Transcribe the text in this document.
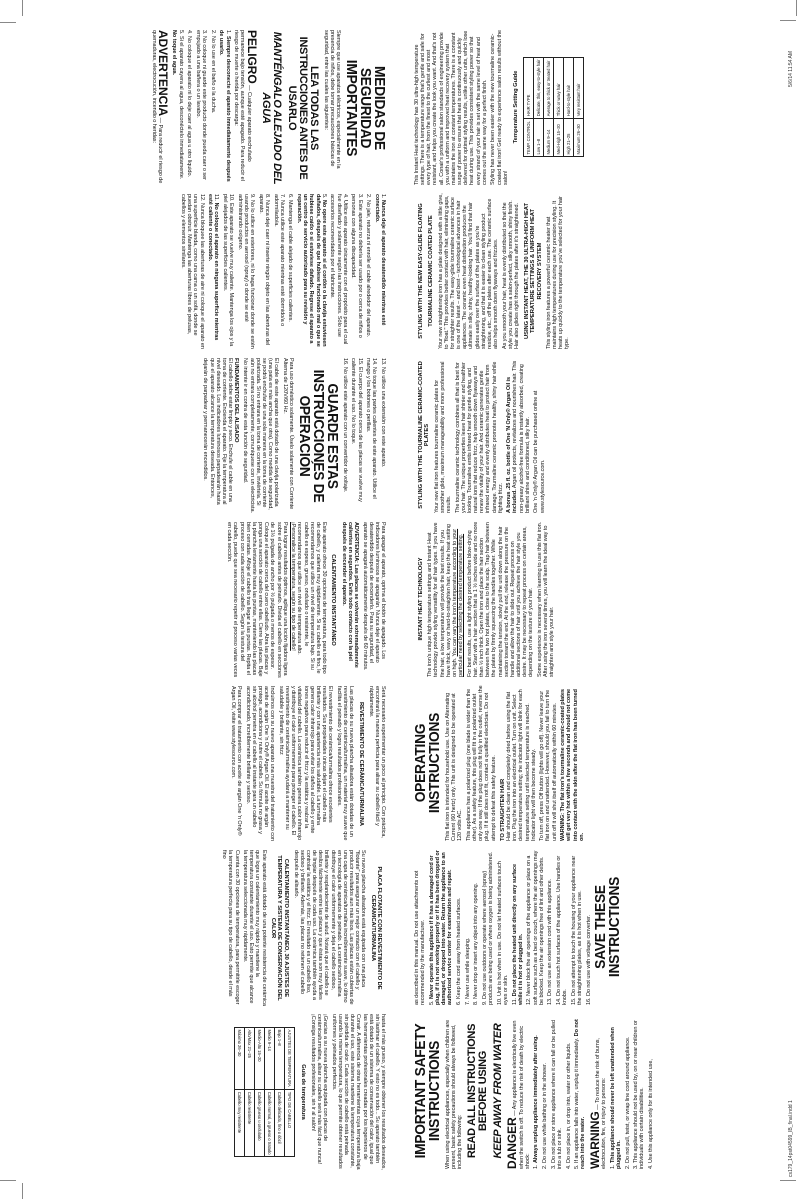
IMPORTANT SAFETY INSTRUCTIONS When using electrical appliances, especially when children are present, basic safety precautions should always be followed, including the following: READ ALL INSTRUCTIONS BEFORE USING KEEP AWAY FROM WATER DANGER — Any appliance is electrically live even when the switch is off. To reduce the risk of death by electric shock: 1. Always unplug appliance immediately after using. 2. Do not use while bathing or in the shower. 3. Do not place or store appliance where it can fall or be pulled into a tub or sink. 4. Do not place in, or drop into, water or other liquids. 5. If an appliance falls into water, unplug it immediately. Do not reach into the water. WARNING — To reduce the risk of burns, electrocution, fire, or injury to persons: 1. This appliance should never be left unattended when plugged in. 2. Do not pull, twist, or wrap line cord around appliance. 3. This appliance should not be used by, on or near children or individuals with certain disabilities. 4. Use this appliance only for its intended use,

as described in this manual. Do not use attachments not recommended by the manufacturer. 5. Never operate this appliance if it has a damaged cord or plug, if it is not working properly or if it has been dropped or damaged, or dropped into water. Return the appliance to an authorized service center for examination and repair. 6. Keep the cord away from heated surfaces. 7. Never use while sleeping. 8. Never drop or insert any object into any opening. 9. Do not use outdoors or operate where aerosol (spray) products are being used or where oxygen is being administered. 10. Unit is hot when in use. Do not let heated surfaces touch eyes or skin. 11. Do not place the heated unit directly on any surface while it is hot or plugged in. 12. Never block the air openings of the appliance or place on a soft surface such as a bed or couch, where the air openings may be blocked. Keep the air openings free of lint and other debris. 13. Do not use an extension cord with this appliance. 14. Do not touch hot surfaces of the appliance. Use handles or knobs. 15. Do not attempt to touch the housing of your appliance near the straightening plates, as it is hot when in use. 16. Do not use with voltage converter. SAVE THESE INSTRUCTIONS
OPERATING INSTRUCTIONS This flat iron is intended for household use. Use on Alternating Current (60 hertz) only. This unit is designed to be operated at 120 volts AC. This appliance has a polarized plug (one blade is wider than the other). As a safety feature, this plug will fit in a polarized outlet only one way. If the plug does not fit fully in the outlet, reverse the plug. If it still does not fit, contact a qualified electrician. Do not attempt to defeat this safety feature. TO STRAIGHTEN HAIR Hair should be clean and completely dried before using the flat iron. Plug the iron into an electrical outlet. Turn on unit. Select desired temperature setting; the indicator light will blink for each temperature setting until selected temperature is reached. Indicator light will then become steady. To turn off, press Off button (lights will go off). Never leave your flat iron on and unattended. However, should you fail to turn the unit off it will shut itself off automatically within 60 minutes. WARNING: The flat iron's tourmaline ceramic-coated plates will get very hot within a few seconds and should not come into contact with the skin after the flat iron has been turned on.

INSTANT HEAT TECHNOLOGY The iron's unique high temperature settings and Instant Heat technology provide styling versatility for all hair types. If you have fine hair, a low temperature will provide the best results. If you have thick, wavy or hard-to-straighten hair, keep the heat setting on high. You can vary the iron's temperature according to your particular need by selecting the desired temperature setting. For best results, use a light styling product before blow-drying hair. Start with a hair section that is 1 ½ inches wide and no more than ½ inch thick. Open the iron and place the hair section between the two hot plates, close to the scalp. Trap hair between the plates by firmly squeezing the handles together. While maintaining the tension, slowly pull the unit down along the hair section toward the end. At the end, release the pressure on the handle and allow the hair to slide out. Repeat process on additional sections of hair until you achieve the hair style you desire. It may be necessary to repeat process on certain areas, depending on the texture of your hair. Some experience is necessary when learning to use this flat iron. After using the iron several times, you will learn the ideal way to straighten and style your hair.

STYLING WITH THE TOURMALINE CERAMIC-COATED PLATES Your new flat iron features tourmaline ceramic plates for smoother glide, maximum manageability and more professional results. The tourmaline ceramic technology combines all that is best for your hair. The unique properties leave hair shinier and healthier looking. Tourmaline emits infrared heat for gentle styling, and natural ions that reduce frizz, help smooth down flyaways and renew the vitality of your hair. And ceramic generates gentle infrared energy and evenly distributes heat to protect hair from damage. Tourmaline ceramic promotes healthy, shiny hair while fighting frizz. A bonus .25 fl. oz. bottle of One 'N Only® Argan Oil is included. Argan oil protects, revitalizes and nourishes hair. This non-greasy alcohol-free formula is instantly absorbed, creating brilliant shine and conditioned, silky hair. One 'n Only® Argan Oil can be purchased online at www.stylesource.com.

STYLING WITH THE NEW EASY-GLIDE FLOATING TOURMALINE CERAMIC COATED PLATE Your new straightening iron has a plate designed with a little give, to "float." This provides better contact with hair, eliminating gaps, for straighter results. The easy-glide tourmaline ceramic surface is one of the latest – and best – technological advances in hair appliances. The ceramic even heat distribution produces the ultimate in silky, shiny, healthy-looking hair. You'll find that hair glides easily over the surface of the plates as you're straightening, and that it is easier to clean styling product residue, etc., off the plates after each use. The ceramic surface also helps smooth down flyaways and frizzies. As you smooth your hair, heat is evenly distributed so that the style you create has a salon-perfect, silky smooth, shiny finish. Hair also glides right through the plates after it's straightened. USING INSTANT HEAT, THE 30 ULTRA-HIGH HEAT TEMPERATURE SETTINGS & UNIFORM HEAT RECOVERY SYSTEM This styling iron features a powerful ceramic heater that maintains high temperatures during use for precision styling. It heats up quickly to the temperature you've selected for your hair type.

This Instant Heat technology has 30 ultra-high temperature settings. There is a temperature range that's gentle and safe for every type of hair, from the finest to the curliest and most resistant, and helps you create the look you want. And that's not all. Conair's professional salon standards of engineering provide you with a uniform and improved heat recovery system that maintains the iron at constant temperatures. There is a constant surge of power to ensure that heat is continuously and quickly delivered for optimal styling results, unlike other units, which lose heat during use. This provides consistent styling power so that every strand of your hair is set with the same level of heat and comes out the same way for a perfect finish. Styling has never been easier with the new tourmaline ceramic-coated flat iron! Get ready to experience salon results without the salon!

Temperature Setting Guide TEMP. CONTROL	HAIR TYPE
Low 1–8	Delicate, thin, easy-to-style hair
Medium 9–14	Average to thick or treated hair
Med-High 15–20	Thick or wavy hair
High 21–25	Hard-to-style hair
Maximum 26–30	Very resistant hair
cs179_14pst04599_IB_final.indd 1
5/6/14 11:54 AM
MEDIDAS DE SEGURIDAD IMPORTANTES

Siempre que use aparatos eléctricos, especialmente en la presencia de niños, debe tomar precauciones básicas de seguridad, entre las cuales las siguientes:

LEA TODAS LAS INSTRUCCIONES ANTES DE USARLO
MANTÉNGALO ALEJADO DEL AGUA

PELIGRO — Cualquier aparato enchufado permanece bajo tensión, aunque esté apagado. Para reducir el riesgo de muerte o herida por descarga:

1. Siempre desconecte el aparato inmediatamente después de usarlo.

2. No lo use en el baño o la ducha.

3. No coloque ni guarde este producto donde pueda caer o ser empujado a una bañera o un lavabo.

4. No coloque el aparato ni lo deje caer al agua u otro líquido.

5. Si el aparato cayera al agua, desconéctelo inmediatamente. No toque el agua.

ADVERTENCIA — Para reducir el riesgo de quemaduras, electrocución, incendio o heridas:

1. Nunca deje el aparato desatendido mientras esté conectado.

2. No jale, retuerza ni enrolle el cable alrededor del aparato.

3. Este aparato no debería ser usado por o cerca de niños o personas con alguna discapacidad.

4. Utilice este aparato únicamente con el propósito para el cual fue diseñado y solamente según las instrucciones. Sólo use accesorios recomendados por el fabricante.

5. No opere este aparato si el cordón o la clavija estuviesen dañados, después de que hubiese funcionado mal o que se hubiese caído o si estuviese dañado. Regrese el aparato a un centro de servicio autorizado para su revisión y reparación.

6. Mantenga el cable alejado de superficies calientes.

7. Nunca utilice este aparato mientras esté dormido/a o adormilado/a.

8. Nunca deje caer ni inserte ningún objeto en las aberturas del aparato.

9. No lo utilice en exteriores, ni lo haga funcionar donde se estén usando productos en aerosol (spray) o donde se esté administrando oxígeno.

10. Este aparato se vuelve muy caliente. Mantenga los ojos y la piel alejados de las superficies calientes.

11. No coloque el aparato en ninguna superficie mientras esté caliente o conectado.

12. Nunca bloquee las aberturas de aire ni coloque el aparato en una superficie blanda, como una cama o un sofá, donde se puedan obstruir. Mantenga las aberturas libres de pelusas, cabellos y elementos similares.

13. No utilice una extensión con este aparato.

14. No toque las partes calientes de este aparato. Utilice el mango y los botones o perillas.

15. El cuerpo del aparato cerca de las placas se vuelve muy caliente durante el uso. No lo toque.

16. No utilice este aparato con un convertidor de voltaje.

GUARDE ESTAS INSTRUCCIONES DE OPERACIÓN

Para uso doméstico solamente. Úselo solamente con Corriente Alterna de 120V/60 Hz.

El cable de este aparato está dotado de una clavija polarizada (una pata es más ancha que otra). Como medida de seguridad, se podrá enchufar de una sola manera en la toma de corriente polarizada. Si no entrara en la toma de corriente, inviértela. Si aún no entrara completamente, comuníquese con un electricista. No intente ir en contra de esta función de seguridad.

FUNDAMENTOS DEL ALISADO

El cabello debe estar limpio y seco. Enchufe el cable en una toma de corriente. Encienda el aparato. Fije la temperatura al nivel deseado. Los indicadores luminosos parpadearán hasta que el aparato alcance la temperatura deseada. Entonces, dejarán de parpadear y permanecerán encendidos.

Para apagar el aparato, oprima el botón de apagado. Los indicadores luminosos se apagarán. Nunca deje el aparato desatendido después de encenderlo. Para su seguridad, el aparato se apagará automáticamente después de 60 minutos.

ADVERTENCIA: Las placas se volverán extremadamente calientes en segundos. Evite todo contacto con la piel después de encender el aparato.

CALENTAMIENTO INSTANTÁNEO

Este aparato ofrece 30 opciones de temperatura, para todo tipo de cabello, y calienta muy rápidamente. Si su cabello es fino, le recomendamos que utilice un nivel de temperatura bajo. Si su cabello es espeso, grueso, ondulado o resistente, le recomendamos que utilice un nivel de temperatura alto. ¡Personalice la temperatura, según su tipo de cabello!

Para lograr resultados óptimos, aplique una loción fijadora ligera sobre el cabello antes de peinarlo. Divida el cabello en secciones de 1½ pulgada de ancho por ½ pulgada o menos de espesor. Coloque el aparato cerca del cuero cabelludo. Abra las placas y ponga una sección de cabello entre ellas. Cierre las placas. Baje la plancha lentamente hasta las puntas, manteniendo las placas bien cerradas. Afloje el cabello tras llegar a las puntas. Repita el proceso con cada sección de cabello. Según la textura del cabello, puede que sea necesario repetir el proceso varias veces en cada sección.

Será necesario experimentar un poco al principio. Con práctica, encontrará la manera perfecta para alisar su cabello fácil y rápidamente.

REVESTIMIENTO DE CERÁMICA/TURMALINA

Las placas de su nueva plancha alisadora están dotadas de un revestimiento de cerámica/turmalina, un material muy suave que facilita el peinado y logra resultados profesionales.

El revestimiento de cerámica/turmalina ofrece excelentes resultados. Sus propiedades únicas dejan el cabello más brillante y con una apariencia más saludable. La turmalina genera calor infrarrojo para evitar los daños al cabello y emite iones negativos para reducir el frizz y la estática y realzar la vitalidad del cabello. La cerámica también genera calor infrarrojo y distribuye el calor uniformemente para proteger el cabello. El revestimiento de cerámica/turmalina ayudará a mantener su saludable y brillante, sin frizz

Incluimos con su nuevo aparato una muestra del tratamiento con aceite de argán One 'n Only® Argan Oil. El aceite de argán protege, acondiciona y nutre el cabello. Su fórmula no grasa y sin alcohol penetra en el cabello al instante para un cabello acondicionado, increíblemente brillante y sedoso.

Para comprar el tratamiento con aceite de argán One 'n Only® Argan Oil, visite www.stylesource.com.

PLACA FLOTANTE CON REVESTIMIENTO DE CERÁMICA/TURMALINA

Su nueva plancha alisadora está equipada con una placa "flotante" para asegurar un mejor contacto con el cabello y producir resultados aun más lisos. Las placas están cubiertas de una capa de cerámica/turmalina increíblemente suave, lo último en tecnología de aparatos de peinado. La cerámica/turmalina distribuye el calor uniformemente y deja el cabello sedoso, brillante y resplandeciente de salud. Notará que el cabello se desliza fácilmente entre las placas y que éstas son muy fáciles de limpiar después de cada uso. La cerámica también ayuda a controlar la estática y el frizz. El resultado es un cabello liso, sedoso y brillante. Además, las placas no retienen el cabello después de alisarlo.

CALENTAMIENTO INSTANTÁNEO, 30 AJUSTES DE TEMPERATURA Y SISTEMA DE CONSERVACIÓN DEL CALOR

Este aparato está dotado de una potente resistencia de cerámica que logra un calentamiento muy rápido y mantiene la temperatura constante durante el uso. Esto permite que alcance la temperatura seleccionada muy rápidamente.

Cuenta con 30 opciones de temperatura, para permitirle escoger la temperatura perfecta para su tipo de cabello, desde el más fino

hasta el más grueso, y siempre obtener los resultados deseados, sin lastimar el cabello. Y esto no es todo... Su aparato también está dotado de un sistema de conservación del calor, igual que las herramientas profesionales creadas por los ingenieros de Conair. A diferencia de otras herramientas cuya temperatura baja durante el uso, este sistema mantiene la temperatura constante, sin pérdida de calor. Cada sección de cabello está peinada usando la misma temperatura, lo que permite obtener resultados uniformes y peinados perfectos.

¡Gracias a su nueva plancha equipada con placas de cerámica/turmalina, alisar su cabello será más fácil que nunca! ¡Consiga resultados profesionales, sin ir al salón!

Guía de temperatura
AJUSTES DE TEMPERATURA	TIPO DE CABELLO
Bajo 1–8	Cabello delicado, fino o dócil
Medio 9–14	Cabello normal, a grueso o tratado
Medio-Alto 15–20	Cabello grueso u ondulado
Alto/Max 21–25	Cabello resistente
Máximo 26–30	Cabello muy resistente
